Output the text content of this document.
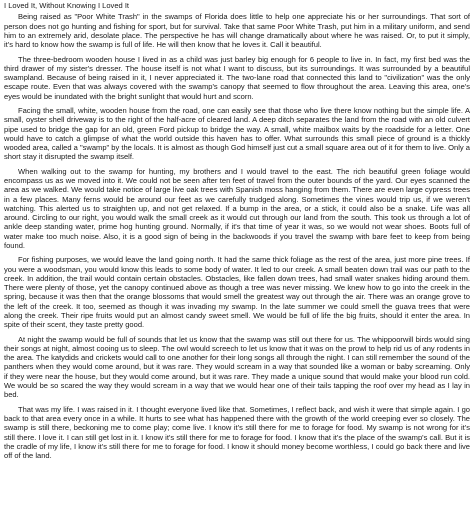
I Loved It, Without Knowing I Loved It
Being raised as "Poor White Trash" in the swamps of Florida does little to help one appreciate his or her surroundings. That sort of person does not go hunting and fishing for sport, but for survival. Take that same Poor White Trash, put him in a military uniform, and send him to an extremely arid, desolate place. The perspective he has will change dramatically about where he was raised. Or, to put it simply, it's hard to know how the swamp is full of life. He will then know that he loves it. Call it beautiful.
The three-bedroom wooden house I lived in as a child was just barley big enough for 6 people to live in. In fact, my first bed was the third drawer of my sister's dresser. The house itself is not what I want to discuss, but its surroundings. It was surrounded by a beautiful swampland. Because of being raised in it, I never appreciated it. The two-lane road that connected this land to "civilization" was the only escape route. Even that was always covered with the swamp's canopy that seemed to flow throughout the area. Leaving this area, one's eyes would be inundated with the bright sunlight that would hurt and scorn.
Facing the small, white, wooden house from the road, one can easily see that those who live there know nothing but the simple life. A small, oyster shell driveway is to the right of the half-acre of cleared land. A deep ditch separates the land from the road with an old culvert pipe used to bridge the gap for an old, green Ford pickup to bridge the way. A small, white mailbox waits by the roadside for a letter. One would have to catch a glimpse of what the world outside this haven has to offer. What surrounds this small piece of ground is a thickly wooded area, called a "swamp" by the locals. It is almost as though God himself just cut a small square area out of it for them to live. Only a short stay it disrupted the swamp itself.
When walking out to the swamp for hunting, my brothers and I would travel to the east. The rich beautiful green foliage would encompass us as we moved into it. We could not be seen after ten feet of travel from the outer bounds of the yard. Our eyes scanned the area as we walked. We would take notice of large live oak trees with Spanish moss hanging from them. There are even large cypress trees in a few places. Many ferns would be around our feet as we carefully trudged along. Sometimes the vines would trip us, if we weren't watching. This alerted us to straighten up, and not get relaxed. If a bump in the area, or a stick, it could also be a snake. Life was all around. Circling to our right, you would walk the small creek as it would cut through our land from the south. This took us through a lot of ankle deep standing water, prime hog hunting ground. Normally, if it's that time of year it was, so we would not wear shoes. Boots full of water make too much noise. Also, it is a good sign of being in the backwoods if you travel the swamp with bare feet to keep from being found.
For fishing purposes, we would leave the land going north. It had the same thick foliage as the rest of the area, just more pine trees. If you were a woodsman, you would know this leads to some body of water. It led to our creek. A small beaten down trail was our path to the creek. In addition, the trail would contain certain obstacles. Obstacles, like fallen down trees, had small water snakes hiding around them. There were plenty of those, yet the canopy continued above as though a tree was never missing. We knew how to go into the creek in the spring, because it was then that the orange blossoms that would smell the greatest way out through the air. There was an orange grove to the left of the creek. It too, seemed as though it was invading my swamp. In the late summer we could smell the guava trees that were along the creek. Their ripe fruits would put an almost candy sweet smell. We would be full of life the big fruits, should it enter the area. In spite of their scent, they taste pretty good.
At night the swamp would be full of sounds that let us know that the swamp was still out there for us. The whippoorwill birds would sing their songs at night, almost cooing us to sleep. The owl would screech to let us know that it was on the prowl to help rid us of any rodents in the area. The katydids and crickets would call to one another for their long songs all through the night. I can still remember the sound of the panthers when they would come around, but it was rare. They would scream in a way that sounded like a woman or baby screaming. Only if they were near the house, but they would come around, but it was rare. They made a unique sound that would make your blood run cold. We would be so scared the way they would scream in a way that we would hear one of their tails tapping the roof over my head as I lay in bed.
That was my life. I was raised in it. I thought everyone lived like that. Sometimes, I reflect back, and wish it were that simple again. I go back to that area every once in a while. It hurts to see what has happened there with the growth of the world creeping ever so closely. The swamp is still there, beckoning me to come play; come live. I know it's still there for me to forage for food. My swamp is not wrong for it's still there. I love it. I can still get lost in it. I know it's still there for me to forage for food. I know that it's the place of the swamp's call. But it is the cradle of my life, I know it's still there for me to forage for food. I know it should money become worthless, I could go back there and live off of the land.
